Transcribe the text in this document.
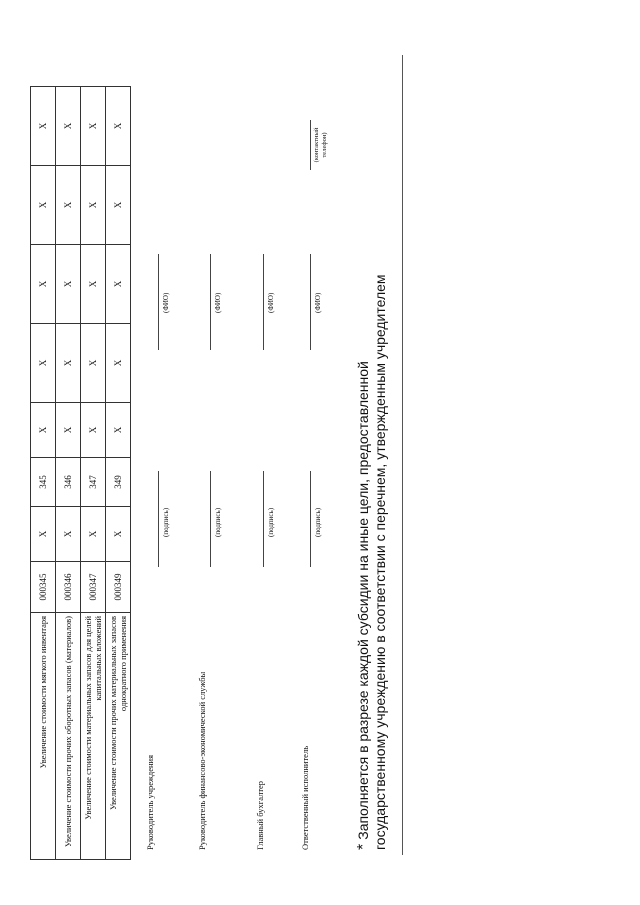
Увеличение стоимости мягкого инвентаря	000345	X	345	X	X	X	X	X
Увеличение стоимости прочих оборотных запасов (материалов)	000346	X	346	X	X	X	X	X
Увеличение стоимости материальных запасов для целей капитальных вложений	000347	X	347	X	X	X	X	X
Увеличение стоимости прочих материальных запасов однократного применения	000349	X	349	X	X	X	X	X
Руководитель учреждения
(подпись)
(ФИО)
Руководитель финансово-экономической службы
(подпись)
(ФИО)
Главный бухгалтер
(подпись)
(ФИО)
Ответственный исполнитель
(подпись)
(ФИО)
(контактный телефон)
*Заполняется в разрезе каждой субсидии на иные цели, предоставленной государственному учреждению в соответствии с перечнем, утвержденным учредителем
